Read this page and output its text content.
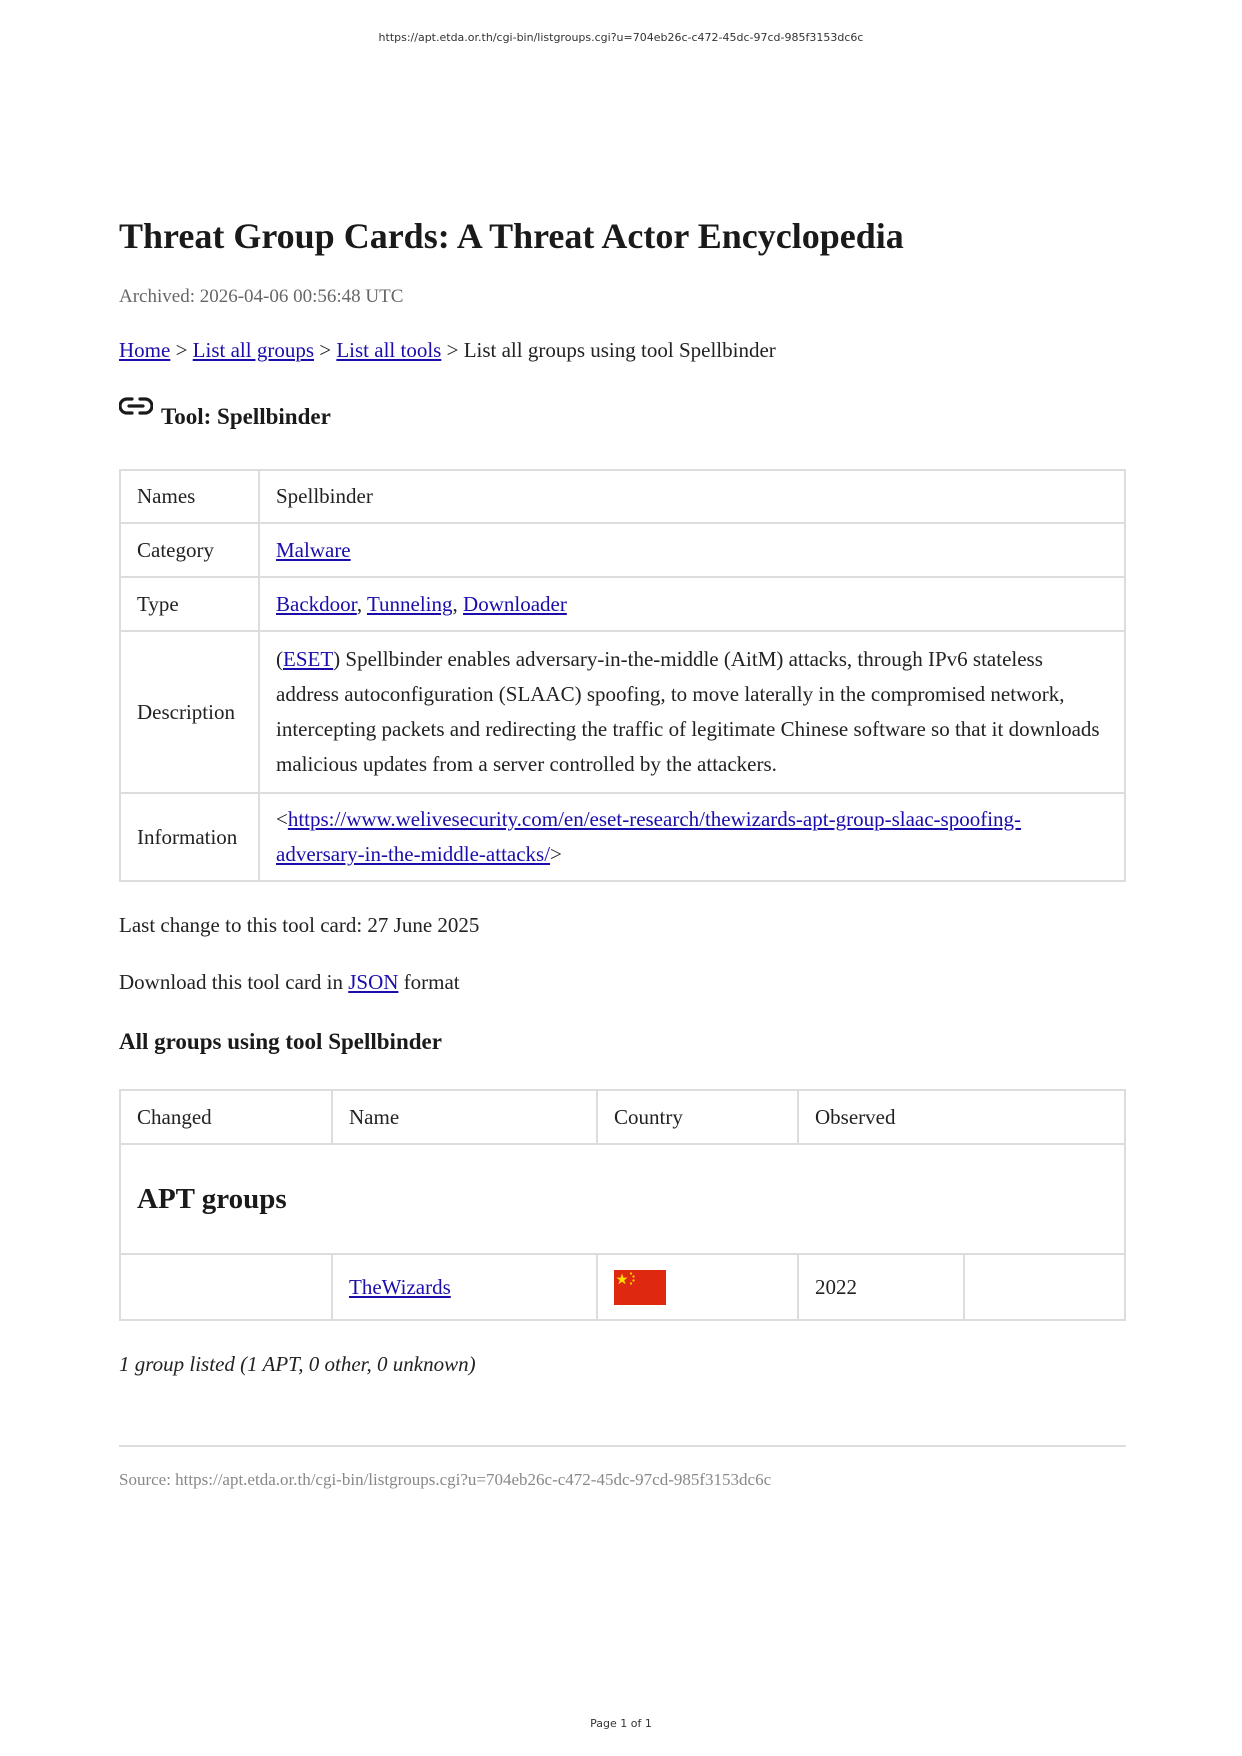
https://apt.etda.or.th/cgi-bin/listgroups.cgi?u=704eb26c-c472-45dc-97cd-985f3153dc6c
Threat Group Cards: A Threat Actor Encyclopedia
Archived: 2026-04-06 00:56:48 UTC
Home > List all groups > List all tools > List all groups using tool Spellbinder
Tool: Spellbinder
Names	Spellbinder
Category	Malware
Type	Backdoor, Tunneling, Downloader
Description	(ESET) Spellbinder enables adversary-in-the-middle (AitM) attacks, through IPv6 stateless address autoconfiguration (SLAAC) spoofing, to move laterally in the compromised network, intercepting packets and redirecting the traffic of legitimate Chinese software so that it downloads malicious updates from a server controlled by the attackers.
Information	<https://www.welivesecurity.com/en/eset-research/thewizards-apt-group-slaac-spoofing-adversary-in-the-middle-attacks/>
Last change to this tool card: 27 June 2025
Download this tool card in JSON format
All groups using tool Spellbinder
Changed	Name	Country	Observed	
APT groups				
	TheWizards		2022	
1 group listed (1 APT, 0 other, 0 unknown)
Source: https://apt.etda.or.th/cgi-bin/listgroups.cgi?u=704eb26c-c472-45dc-97cd-985f3153dc6c
Page 1 of 1
